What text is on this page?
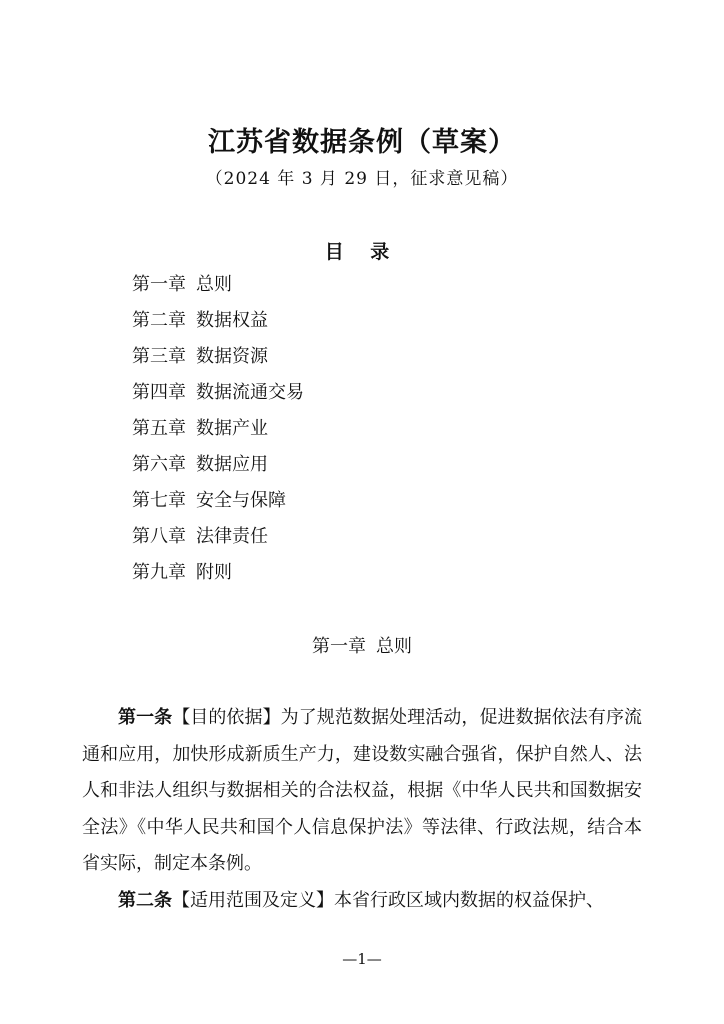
江苏省数据条例（草案）
（2024 年 3 月 29 日，征求意见稿）
目 录
第一章 总则
第二章 数据权益
第三章 数据资源
第四章 数据流通交易
第五章 数据产业
第六章 数据应用
第七章 安全与保障
第八章 法律责任
第九章 附则
第一章 总则

第一条【目的依据】为了规范数据处理活动，促进数据依法有序流通和应用，加快形成新质生产力，建设数实融合强省，保护自然人、法人和非法人组织与数据相关的合法权益，根据《中华人民共和国数据安全法》《中华人民共和国个人信息保护法》等法律、行政法规，结合本省实际，制定本条例。

第二条【适用范围及定义】本省行政区域内数据的权益保护、

—1—
